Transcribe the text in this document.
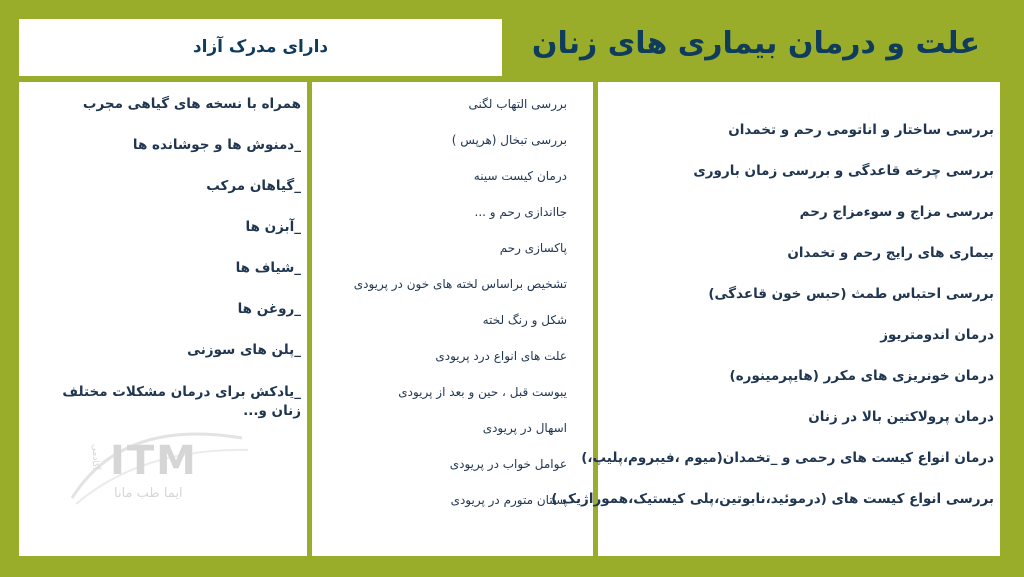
علت و درمان بیماری های زنان
دارای مدرک آزاد
همراه با نسخه های گیاهی مجرب
_دمنوش ها و جوشانده ها
_گیاهان مرکب
_آبزن ها
_شیاف ها
_روغن ها
_پلن های سوزنی
_یادکش برای درمان مشکلات مختلف زنان و...
آکادمی ITM
ایما طب مانا
بررسی التهاب لگنی
بررسی تبخال (هرپس )
درمان کیست سینه
جاانداز‌ی رحم و ...
پاکسازی رحم
تشخیص براساس لخته های خون در پریودی
شکل و رنگ لخته
علت های انواع درد پریودی
یبوست قبل ، حین و بعد از پریودی
اسهال در پریودی
عوامل خواب در پریودی
پستان متورم در پریودی
بررسی ساختار و اناتومی رحم و تخمدان
بررسی چرخه قاعدگی و بررسی زمان باروری
بررسی مزاج و سوءمزاج رحم
بیماری های رایج رحم و تخمدان
بررسی احتباس طمث (حبس خون قاعدگی)
درمان اندومتریوز
درمان خونریزی های مکرر (هایپرمینوره)
درمان پرولاکتین بالا در زنان
درمان انواع کیست های رحمی و _تخمدان(میوم ،فیبروم،پلیپ،)
بررسی انواع کیست های (درموئید،نابوتین،پلی کیستیک،هموراژیک )
